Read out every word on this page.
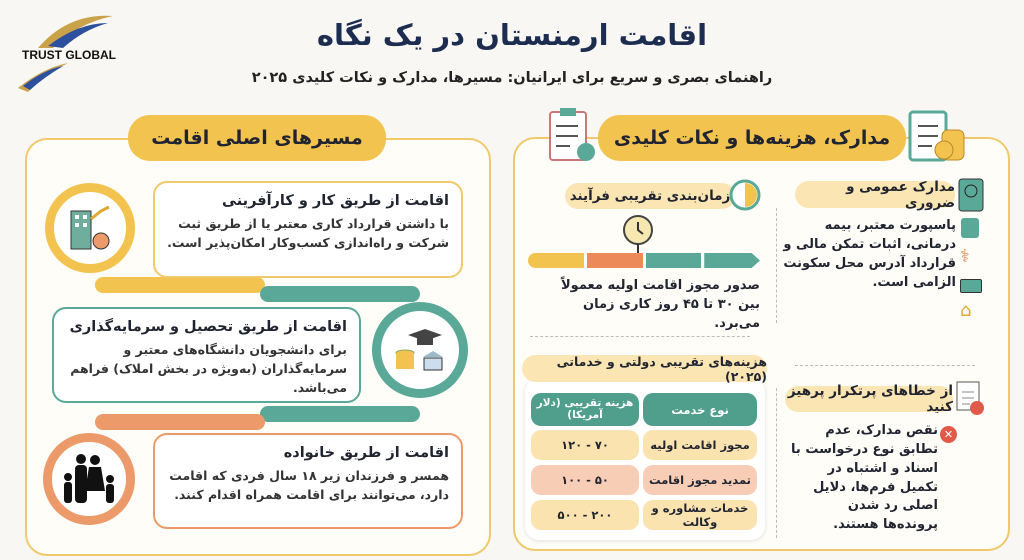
TRUST GLOBAL
اقامت ارمنستان در یک نگاه
راهنمای بصری و سریع برای ایرانیان: مسیرها، مدارک و نکات کلیدی ۲۰۲۵
مسیرهای اصلی اقامت
اقامت از طریق کار و کارآفرینی

با داشتن قرارداد کاری معتبر یا از طریق ثبت شرکت و راه‌اندازی کسب‌وکار امکان‌پذیر است.

اقامت از طریق تحصیل و سرمایه‌گذاری

برای دانشجویان دانشگاه‌های معتبر و سرمایه‌گذاران (به‌ویژه در بخش املاک) فراهم می‌باشد.

اقامت از طریق خانواده

همسر و فرزندان زیر ۱۸ سال فردی که اقامت دارد، می‌توانند برای اقامت همراه اقدام کنند.

مدارک، هزینه‌ها و نکات کلیدی
مدارک عمومی و ضروری
پاسپورت معتبر، بیمه درمانی، اثبات تمکن مالی و قرارداد آدرس محل سکونت الزامی است.
⚕
⌂
زمان‌بندی تقریبی فرآیند
صدور مجوز اقامت اولیه معمولاً بین ۳۰ تا ۴۵ روز کاری زمان می‌برد.
هزینه‌های تقریبی دولتی و خدماتی (۲۰۲۵)
نوع خدمت
هزینه تقریبی (دلار آمریکا)
مجوز اقامت اولیه
۷۰ - ۱۲۰
تمدید مجوز اقامت
۵۰ - ۱۰۰
خدمات مشاوره و وکالت
۲۰۰ - ۵۰۰
از خطاهای پرتکرار پرهیز کنید
✕
نقص مدارک، عدم تطابق نوع درخواست با اسناد و اشتباه در تکمیل فرم‌ها، دلایل اصلی رد شدن پرونده‌ها هستند.
